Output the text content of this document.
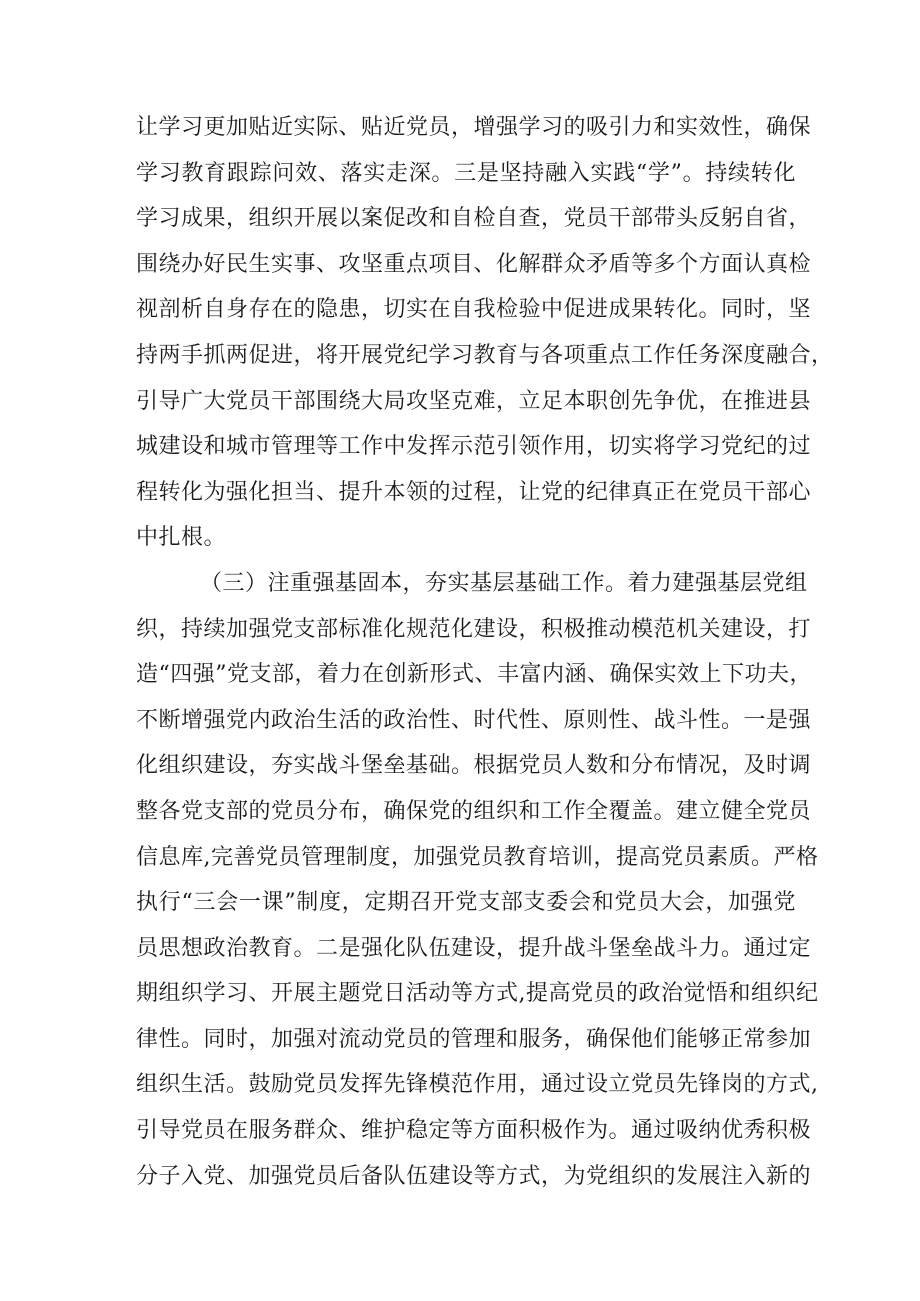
让学习更加贴近实际、贴近党员，增强学习的吸引力和实效性，确保
学习教育跟踪问效、落实走深。三是坚持融入实践“学”。持续转化
学习成果，组织开展以案促改和自检自查，党员干部带头反躬自省，
围绕办好民生实事、攻坚重点项目、化解群众矛盾等多个方面认真检
视剖析自身存在的隐患，切实在自我检验中促进成果转化。同时，坚
持两手抓两促进，将开展党纪学习教育与各项重点工作任务深度融合，
引导广大党员干部围绕大局攻坚克难，立足本职创先争优，在推进县
城建设和城市管理等工作中发挥示范引领作用，切实将学习党纪的过
程转化为强化担当、提升本领的过程，让党的纪律真正在党员干部心
中扎根。
（三）注重强基固本，夯实基层基础工作。着力建强基层党组
织，持续加强党支部标准化规范化建设，积极推动模范机关建设，打
造“四强”党支部，着力在创新形式、丰富内涵、确保实效上下功夫，
不断增强党内政治生活的政治性、时代性、原则性、战斗性。一是强
化组织建设，夯实战斗堡垒基础。根据党员人数和分布情况，及时调
整各党支部的党员分布，确保党的组织和工作全覆盖。建立健全党员
信息库,完善党员管理制度，加强党员教育培训，提高党员素质。严格
执行“三会一课”制度，定期召开党支部支委会和党员大会，加强党
员思想政治教育。二是强化队伍建设，提升战斗堡垒战斗力。通过定
期组织学习、开展主题党日活动等方式,提高党员的政治觉悟和组织纪
律性。同时，加强对流动党员的管理和服务，确保他们能够正常参加
组织生活。鼓励党员发挥先锋模范作用，通过设立党员先锋岗的方式,
引导党员在服务群众、维护稳定等方面积极作为。通过吸纳优秀积极
分子入党、加强党员后备队伍建设等方式，为党组织的发展注入新的
